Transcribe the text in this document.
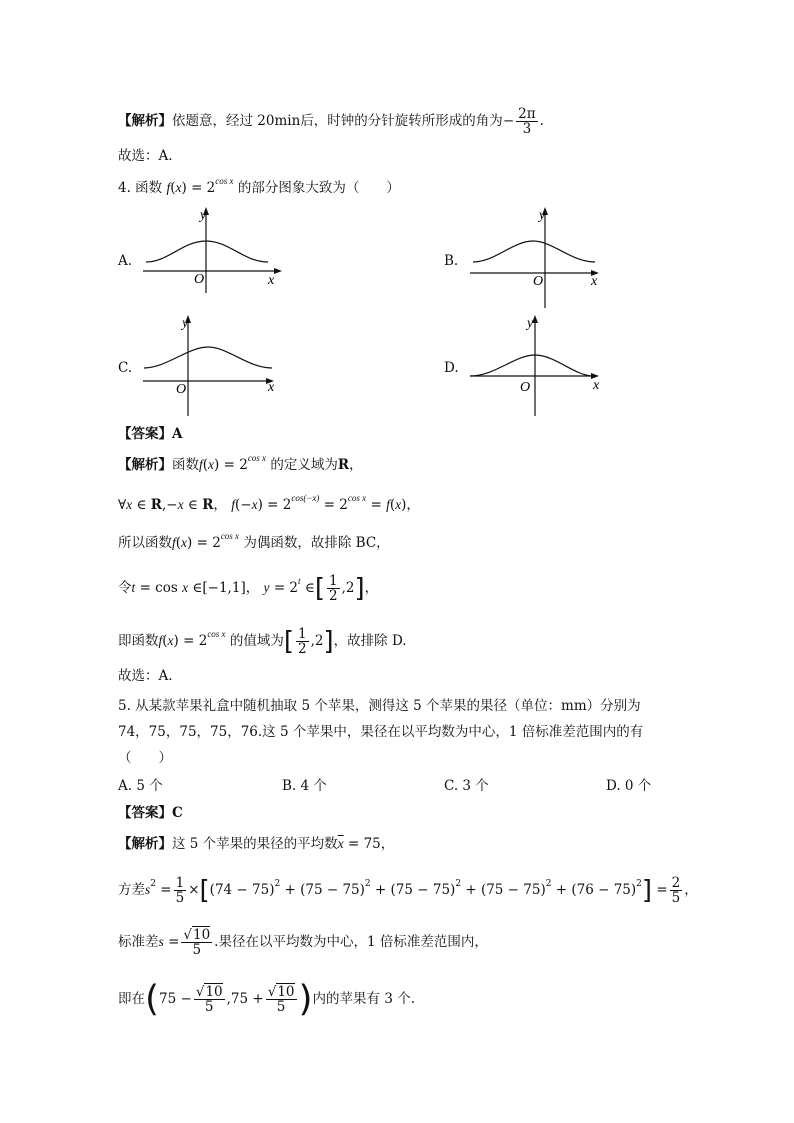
【解析】依题意，经过 20min后，时钟的分针旋转所形成的角为− $\frac{2\pi}{3}$ .
故选：A.
4. 函数 $f(x) = 2^{cos x}$ 的部分图象大致为（　　）
A.
y
x
O
B.
y
x
O
C.
y
x
O
D.
y
x
O
【答案】A
【解析】函数$f(x) = 2^{cos x}$ 的定义域为R，
∀x ∈ R,−x ∈ R， $f(-x) = 2^{cos(-x)} = 2^{cos x} = f(x)$，
所以函数$f(x) = 2^{cos x}$ 为偶函数，故排除 BC，
令t = cos x ∈[−1,1]， $y = 2^t$ ∈[ $\frac{1}{2} ,2$]，
即函数$f(x) = 2^{cos x}$ 的值域为[ $\frac{1}{2} ,2$]，故排除 D.
故选：A.
5. 从某款苹果礼盒中随机抽取 5 个苹果，测得这 5 个苹果的果径（单位：mm）分别为
74，75，75，75，76.这 5 个苹果中，果径在以平均数为中心，1 倍标准差范围内的有
（　　）
A. 5 个	B. 4 个	C. 3 个	D. 0 个
【答案】C
【解析】这 5 个苹果的果径的平均数$\overline{x} = 75$，
方差$s^2 = \frac{1}{5} \times[(74 - 75)^2 + (75 - 75)^2 + (75 - 75)^2 + (75 - 75)^2 + (76 - 75)^2] = \frac{2}{5}$ ，
标准差$s = \frac{√10}{5}$ .果径在以平均数为中心，1 倍标准差范围内，
即在($75 - \frac{√10}{5} ,75 + \frac{√10}{5}$ )内的苹果有 3 个.
